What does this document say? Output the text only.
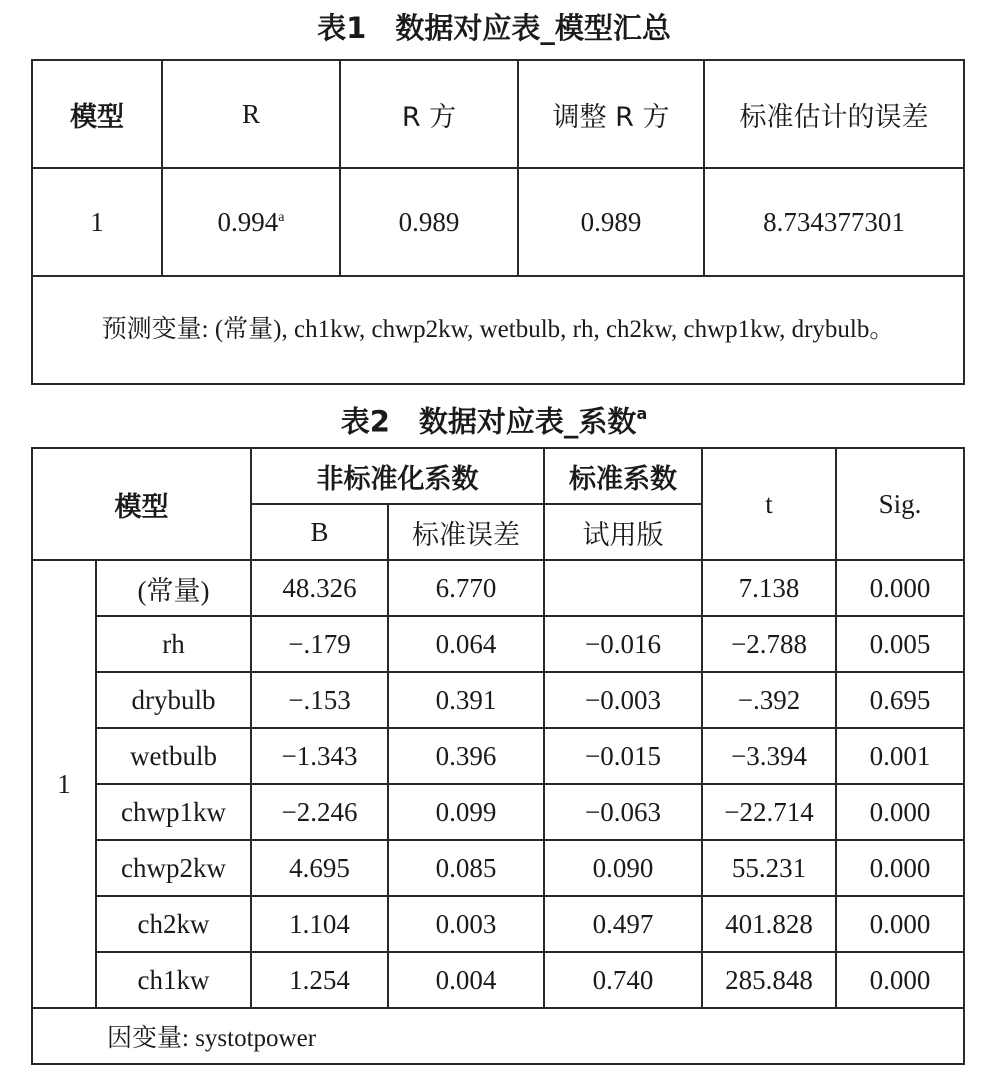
表1　数据对应表_模型汇总
模型	R	R 方	调整 R 方	标准估计的误差
1	0.994$^a$	0.989	0.989	8.734377301
预测变量: (常量), ch1kw, chwp2kw, wetbulb, rh, ch2kw, chwp1kw, drybulb。				
表2　数据对应表_系数$^a$
模型		非标准化系数		标准系数	t	Sig.
		B	标准误差	试用版		
1	(常量)	48.326	6.770		7.138	0.000
	rh	−.179	0.064	−0.016	−2.788	0.005
	drybulb	−.153	0.391	−0.003	−.392	0.695
	wetbulb	−1.343	0.396	−0.015	−3.394	0.001
	chwp1kw	−2.246	0.099	−0.063	−22.714	0.000
	chwp2kw	4.695	0.085	0.090	55.231	0.000
	ch2kw	1.104	0.003	0.497	401.828	0.000
	ch1kw	1.254	0.004	0.740	285.848	0.000
因变量: systotpower						
